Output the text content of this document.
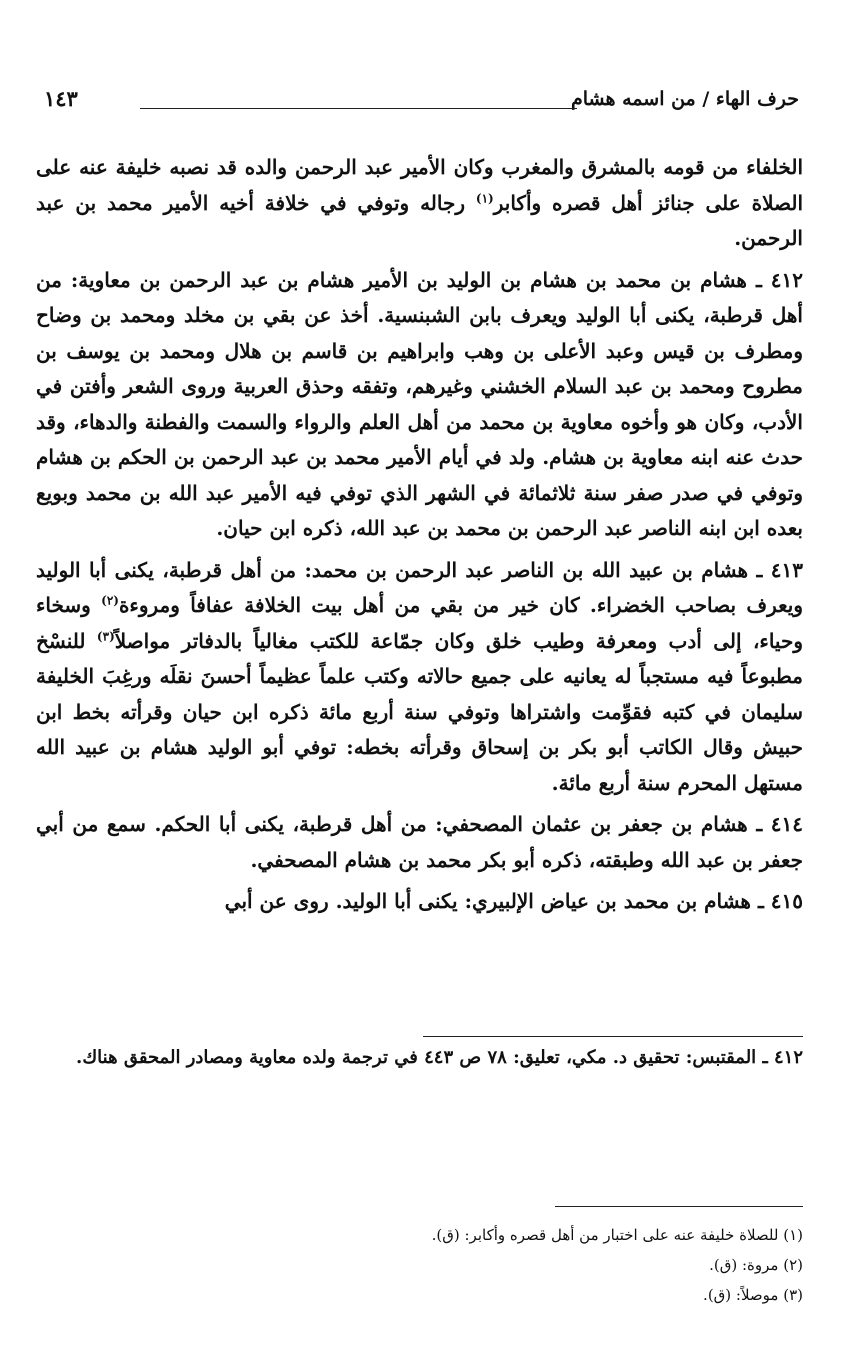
حرف الهاء / من اسمه هشام
١٤٣

الخلفاء من قومه بالمشرق والمغرب وكان الأمير عبد الرحمن والده قد نصبه خليفة عنه على الصلاة على جنائز أهل قصره وأكابر$^{(١)}$ رجاله وتوفي في خلافة أخيه الأمير محمد بن عبد الرحمن.

٤١٢ ـ هشام بن محمد بن هشام بن الوليد بن الأمير هشام بن عبد الرحمن بن معاوية: من أهل قرطبة، يكنى أبا الوليد ويعرف بابن الشبنسية. أخذ عن بقي بن مخلد ومحمد بن وضاح ومطرف بن قيس وعبد الأعلى بن وهب وابراهيم بن قاسم بن هلال ومحمد بن يوسف بن مطروح ومحمد بن عبد السلام الخشني وغيرهم، وتفقه وحذق العربية وروى الشعر وأفتن في الأدب، وكان هو وأخوه معاوية بن محمد من أهل العلم والرواء والسمت والفطنة والدهاء، وقد حدث عنه ابنه معاوية بن هشام. ولد في أيام الأمير محمد بن عبد الرحمن بن الحكم بن هشام وتوفي في صدر صفر سنة ثلاثمائة في الشهر الذي توفي فيه الأمير عبد الله بن محمد وبويع بعده ابن ابنه الناصر عبد الرحمن بن محمد بن عبد الله، ذكره ابن حيان.

٤١٣ ـ هشام بن عبيد الله بن الناصر عبد الرحمن بن محمد: من أهل قرطبة، يكنى أبا الوليد ويعرف بصاحب الخضراء. كان خير من بقي من أهل بيت الخلافة عفافاً ومروءة$^{(٢)}$ وسخاء وحياء، إلى أدب ومعرفة وطيب خلق وكان جمّاعة للكتب مغالياً بالدفاتر مواصلاً$^{(٣)}$ للنسْخ مطبوعاً فيه مستجباً له يعانيه على جميع حالاته وكتب علماً عظيماً أحسنَ نقلَه ورغِبَ الخليفة سليمان في كتبه فقوِّمت واشتراها وتوفي سنة أربع مائة ذكره ابن حيان وقرأته بخط ابن حبيش وقال الكاتب أبو بكر بن إسحاق وقرأته بخطه: توفي أبو الوليد هشام بن عبيد الله مستهل المحرم سنة أربع مائة.

٤١٤ ـ هشام بن جعفر بن عثمان المصحفي: من أهل قرطبة، يكنى أبا الحكم. سمع من أبي جعفر بن عبد الله وطبقته، ذكره أبو بكر محمد بن هشام المصحفي.

٤١٥ ـ هشام بن محمد بن عياض الإلبيري: يكنى أبا الوليد. روى عن أبي

٤١٢ ـ المقتبس: تحقيق د. مكي، تعليق: ٧٨ ص ٤٤٣ في ترجمة ولده معاوية ومصادر المحقق هناك.
(١) للصلاة خليفة عنه على اختبار من أهل قصره وأكابر: (ق).
(٢) مروة: (ق).
(٣) موصلاً: (ق).
